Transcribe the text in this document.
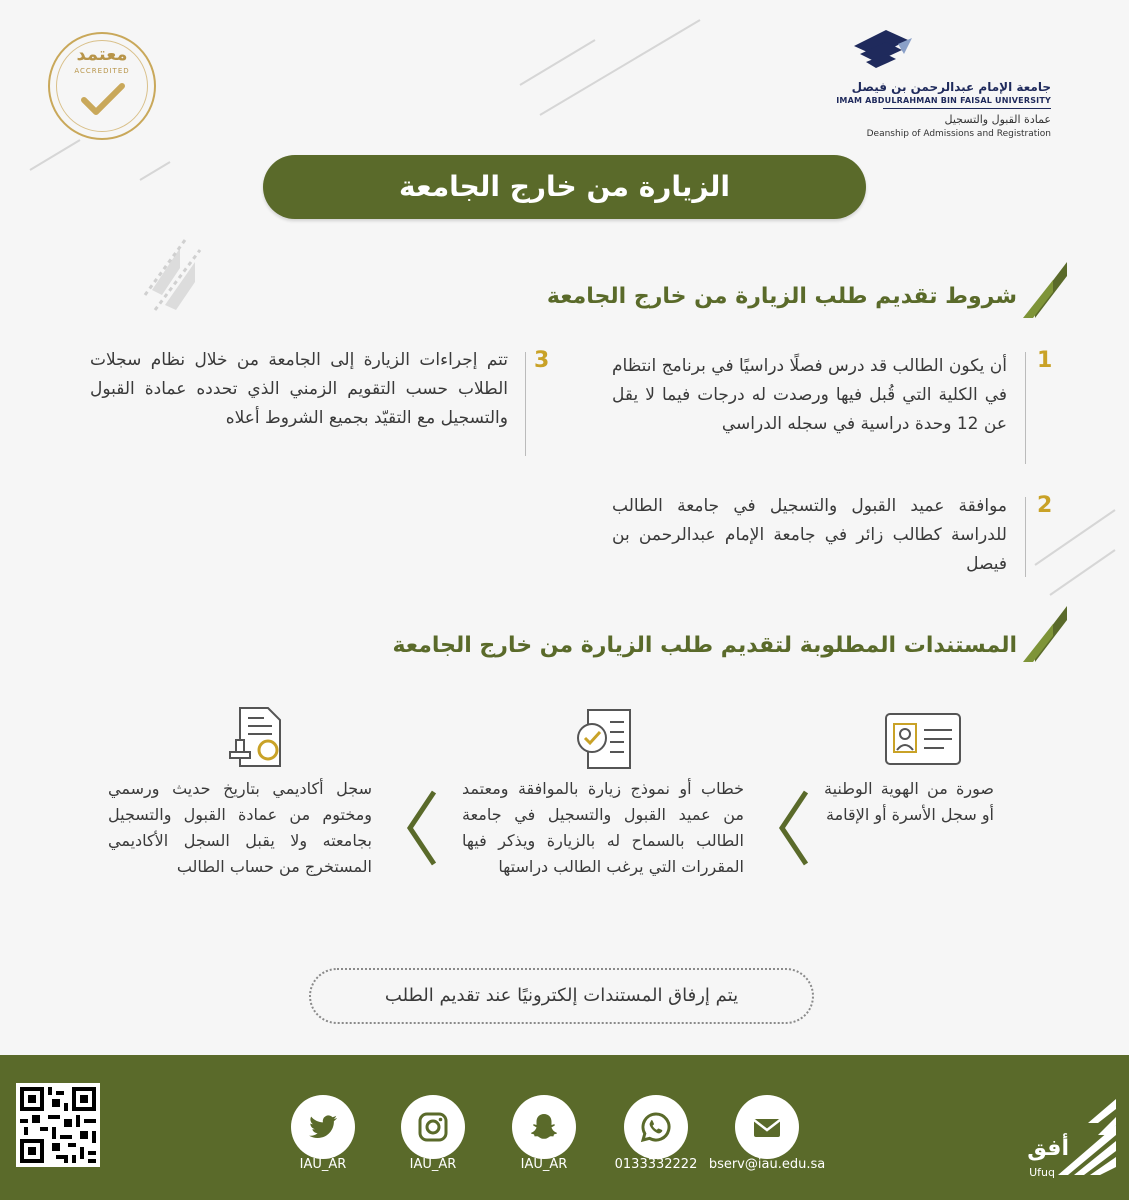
جامعة الإمام عبدالرحمن بن فيصل
IMAM ABDULRAHMAN BIN FAISAL UNIVERSITY
عمادة القبول والتسجيل
Deanship of Admissions and Registration
معتمد
ACCREDITED
الزيارة من خارج الجامعة
شروط تقديم طلب الزيارة من خارج الجامعة
1
أن يكون الطالب قد درس فصلًا دراسيًا في برنامج انتظام في الكلية التي قُبل فيها ورصدت له درجات فيما لا يقل عن 12 وحدة دراسية في سجله الدراسي
2
موافقة عميد القبول والتسجيل في جامعة الطالب للدراسة كطالب زائر في جامعة الإمام عبدالرحمن بن فيصل
3
تتم إجراءات الزيارة إلى الجامعة من خلال نظام سجلات الطلاب حسب التقويم الزمني الذي تحدده عمادة القبول والتسجيل مع التقيّد بجميع الشروط أعلاه
المستندات المطلوبة لتقديم طلب الزيارة من خارج الجامعة
صورة من الهوية الوطنية أو سجل الأسرة أو الإقامة
خطاب أو نموذج زيارة بالموافقة ومعتمد من عميد القبول والتسجيل في جامعة الطالب بالسماح له بالزيارة ويذكر فيها المقررات التي يرغب الطالب دراستها
سجل أكاديمي بتاريخ حديث ورسمي ومختوم من عمادة القبول والتسجيل بجامعته ولا يقبل السجل الأكاديمي المستخرج من حساب الطالب
يتم إرفاق المستندات إلكترونيًا عند تقديم الطلب
IAU_AR	IAU_AR	IAU_AR	0133332222 bserv@iau.edu.sa
أفق
Ufuq
